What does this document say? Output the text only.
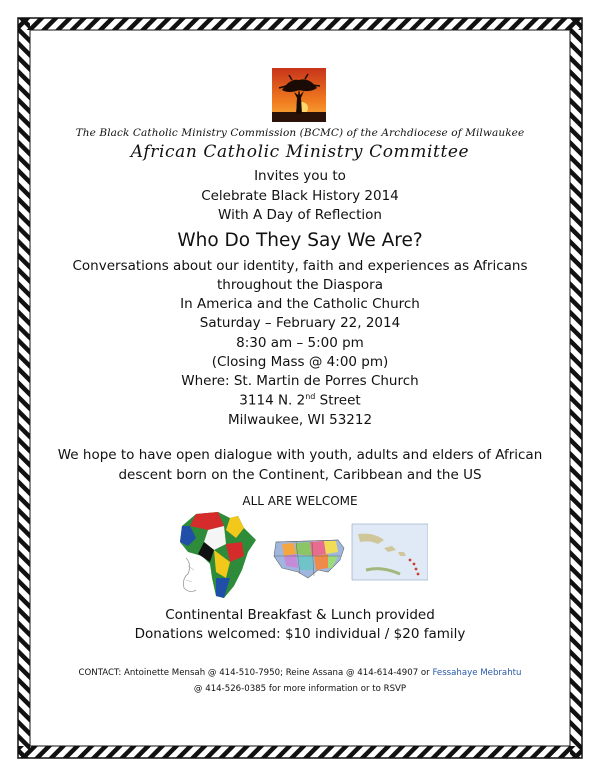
The Black Catholic Ministry Commission (BCMC) of the Archdiocese of Milwaukee
African Catholic Ministry Committee
Invites you to
Celebrate Black History 2014
With A Day of Reflection
Who Do They Say We Are?
Conversations about our identity, faith and experiences as Africans
throughout the Diaspora
In America and the Catholic Church
Saturday – February 22, 2014
8:30 am – 5:00 pm
(Closing Mass @ 4:00 pm)
Where: St. Martin de Porres Church
3114 N. 2nd Street
Milwaukee, WI 53212
We hope to have open dialogue with youth, adults and elders of African
descent born on the Continent, Caribbean and the US
ALL ARE WELCOME
Continental Breakfast & Lunch provided
Donations welcomed: $10 individual / $20 family
CONTACT: Antoinette Mensah @ 414-510-7950; Reine Assana @ 414-614-4907 or Fessahaye Mebrahtu
@ 414-526-0385 for more information or to RSVP
